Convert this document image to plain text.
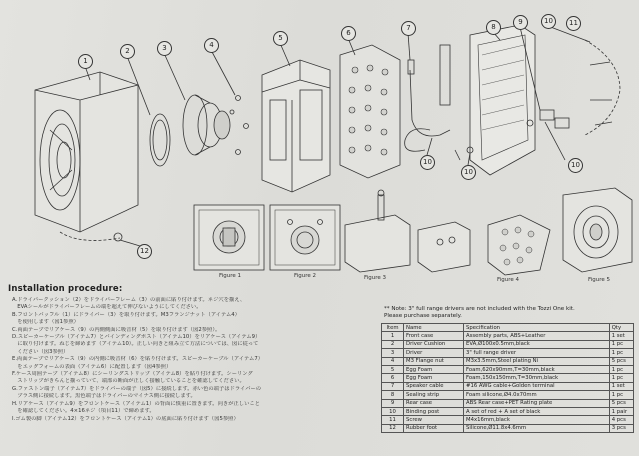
1
2	3	4
5
6
7	8
9	10
10
10
12
11
10
Figure 1	Figure 2	Figure 3	Figure 4	Figure 5
Installation procedure:
A.ドライバークッション（2）をドライバーフレーム（3）の前面に貼り付けます。ネジ穴を揃え、
　EVAシールがドライバーフレームの端を超えて伸びないようにしてください。
B.フロントバッフル（1）にドライバー（3）を取り付けます。M3フランジナット（アイテム4）
　を使用します（図1参照）
C.両面テープでリアケース（9）の内側側面に吸音材（5）を取り付けます（図2参照）。
D.スピーカーケーブル（アイテム7）とバインディングポスト（アイテム10）をリアケース（アイテム9）
　に取り付けます。ねじを締めます（アイテム10）。正しい向きと組み立て方法については、図に従って
　ください（図3参照）
E.両面テープでリアケース（9）の内側に吸音材（6）を貼り付けます。スピーカーケーブル（アイテム7）
　をエッグフォームの表面（アイテム6）に配置します（図4参照）
F.ケース周囲テープ（アイテム8）にシーリングストリップ（アイテム8）を貼り付けます。シーリング
　ストリップがきちんと揃っていて、端部の断面が正しく接触していることを確認してください。
G.ファストン端子（アイテム7）をドライバーの端子（図5）に接続します。赤い色の端子はドライバーの
　プラス側に接続します。黒色端子はドライバーのマイナス側に接続します。
H.リアケース（アイテム9）をフロントケース（アイテム1）の背面に慎重に置きます。向きが正しいこと
　を確認してください。4×16ネジ（項目11）で締めます。
I.ゴム製の脚（アイテム12）をフロントケース（アイテム1）の底面に貼り付けます（図5参照）
** Note: 3" full range drivers are not included with the Tozzi One kit.
Please purchase separately.
Item	Name	Specification	Qty
1	Front case	Assembly parts, ABS+Leather	1 set
2	Driver Cushion	EVA,Ø100x0.5mm,black	1 pc
3	Driver	3" full range driver	1 pc
4	M3 Flange nut	M3x3.5mm,Steel plating Ni	5 pcs
5	Egg Foam	Foam,620x90mm,T=30mm,black	1 pc
6	Egg Foam	Foam,150x150mm,T=30mm,black	1 pc
7	Speaker cable	#16 AWG cable+Golden terminal	1 set
8	Sealing strip	Foam silicone,Ø4.0x70mm	1 pc
9	Rear case	ABS Rear case+PET Rating plate	5 pcs
10	Binding post	A set of red + A set of black	1 pair
11	Screw	M4x16mm,black	4 pcs
12	Rubber foot	Silicone,Ø11.8x4.6mm	3 pcs
